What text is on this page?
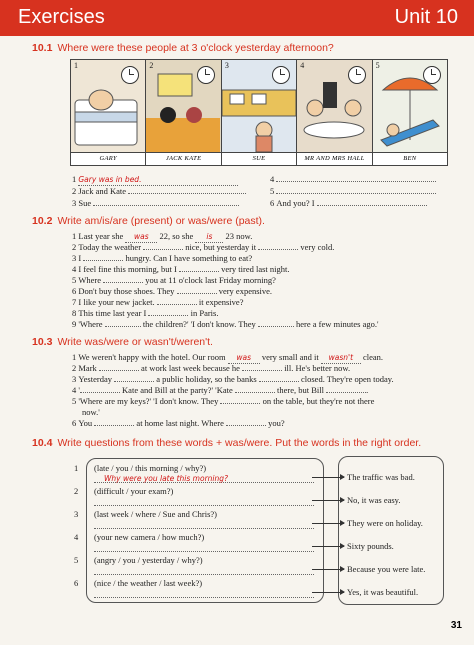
Exercises	Unit 10
10.1 Where were these people at 3 o'clock yesterday afternoon?
1
GARY
2
JACK KATE
3
SUE
4
MR AND MRS HALL
5
BEN
1 Gary was in bed.
2 Jack and Kate
3 Sue
4
5
6 And you? I
10.2 Write am/is/are (present) or was/were (past).
1 Last year she was 22, so she is 23 now.
2 Today the weather	nice, but yesterday it	very cold.
3 I	hungry. Can I have something to eat?
4 I feel fine this morning, but I	very tired last night.
5 Where	you at 11 o'clock last Friday morning?
6 Don't buy those shoes. They	very expensive.
7 I like your new jacket.	it expensive?
8 This time last year I	in Paris.
9 'Where	the children?' 'I don't know. They	here a few minutes ago.'
10.3 Write was/were or wasn't/weren't.
1 We weren't happy with the hotel. Our room was very small and it wasn't clean.
2 Mark	at work last week because he	ill. He's better now.
3 Yesterday	a public holiday, so the banks	closed. They're open today.
4 '	Kate and Bill at the party?' 'Kate	there, but Bill	.
5 'Where are my keys?' 'I don't know. They	on the table, but they're not there
now.'
6 You	at home last night. Where	you?
10.4 Write questions from these words + was/were. Put the words in the right order.
1 (late / you / this morning / why?)
Why were you late this morning?	The traffic was bad.
2 (difficult / your exam?)
No, it was easy.
3 (last week / where / Sue and Chris?)
They were on holiday.
4 (your new camera / how much?)
Sixty pounds.
5 (angry / you / yesterday / why?)
Because you were late.
6 (nice / the weather / last week?)
Yes, it was beautiful.
31
